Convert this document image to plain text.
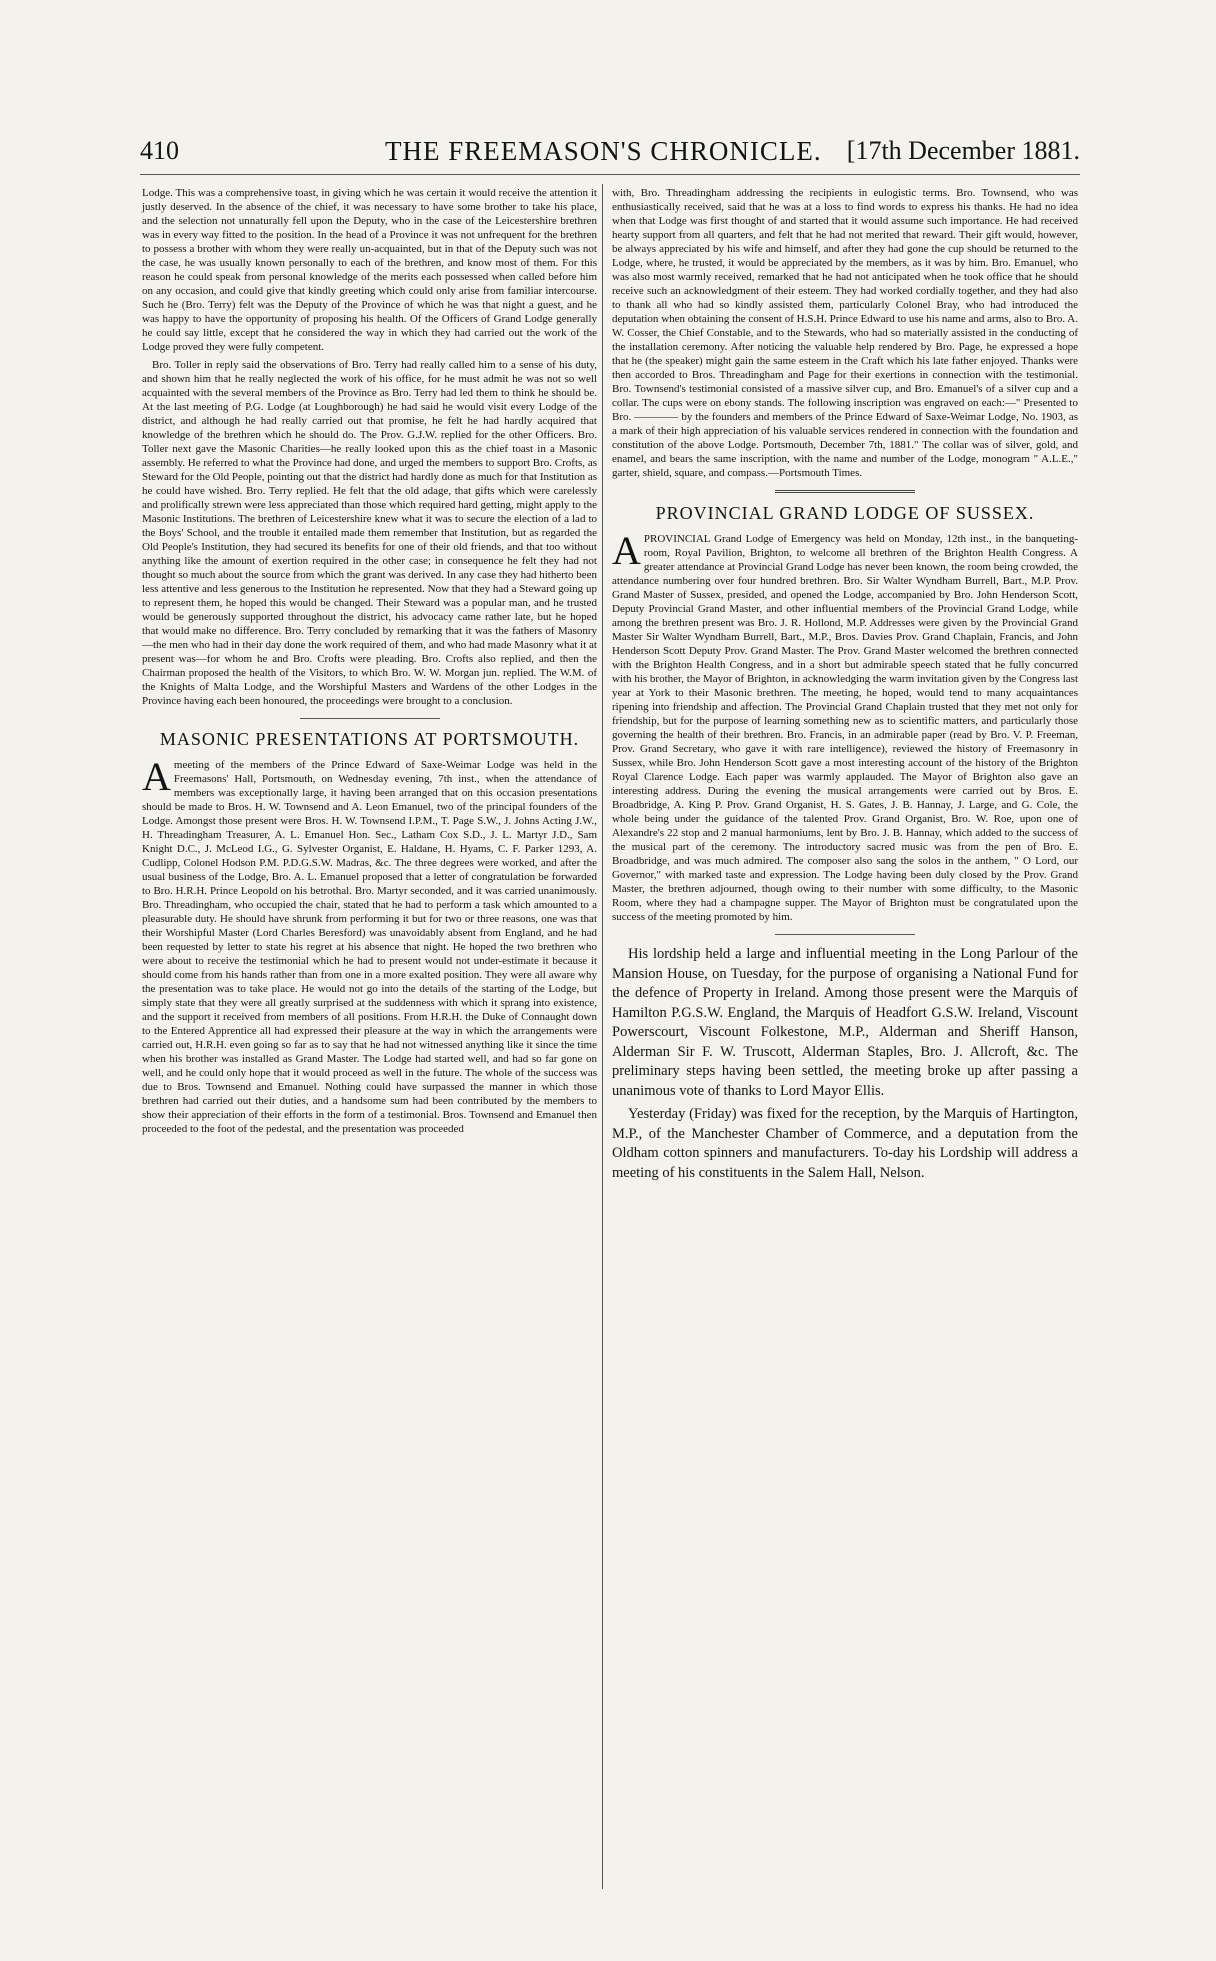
410	THE FREEMASON'S CHRONICLE. [17th December 1881.

Lodge. This was a comprehensive toast, in giving which he was certain it would receive the attention it justly deserved. In the absence of the chief, it was necessary to have some brother to take his place, and the selection not unnaturally fell upon the Deputy, who in the case of the Leicestershire brethren was in every way fitted to the position. In the head of a Province it was not unfrequent for the brethren to possess a brother with whom they were really un-acquainted, but in that of the Deputy such was not the case, he was usually known personally to each of the brethren, and know most of them. For this reason he could speak from personal knowledge of the merits each possessed when called before him on any occasion, and could give that kindly greeting which could only arise from familiar intercourse. Such he (Bro. Terry) felt was the Deputy of the Province of which he was that night a guest, and he was happy to have the opportunity of proposing his health. Of the Officers of Grand Lodge generally he could say little, except that he considered the way in which they had carried out the work of the Lodge proved they were fully competent.

Bro. Toller in reply said the observations of Bro. Terry had really called him to a sense of his duty, and shown him that he really neglected the work of his office, for he must admit he was not so well acquainted with the several members of the Province as Bro. Terry had led them to think he should be. At the last meeting of P.G. Lodge (at Loughborough) he had said he would visit every Lodge of the district, and although he had really carried out that promise, he felt he had hardly acquired that knowledge of the brethren which he should do. The Prov. G.J.W. replied for the other Officers. Bro. Toller next gave the Masonic Charities—he really looked upon this as the chief toast in a Masonic assembly. He referred to what the Province had done, and urged the members to support Bro. Crofts, as Steward for the Old People, pointing out that the district had hardly done as much for that Institution as he could have wished. Bro. Terry replied. He felt that the old adage, that gifts which were carelessly and prolifically strewn were less appreciated than those which required hard getting, might apply to the Masonic Institutions. The brethren of Leicestershire knew what it was to secure the election of a lad to the Boys' School, and the trouble it entailed made them remember that Institution, but as regarded the Old People's Institution, they had secured its benefits for one of their old friends, and that too without anything like the amount of exertion required in the other case; in consequence he felt they had not thought so much about the source from which the grant was derived. In any case they had hitherto been less attentive and less generous to the Institution he represented. Now that they had a Steward going up to represent them, he hoped this would be changed. Their Steward was a popular man, and he trusted would be generously supported throughout the district, his advocacy came rather late, but he hoped that would make no difference. Bro. Terry concluded by remarking that it was the fathers of Masonry—the men who had in their day done the work required of them, and who had made Masonry what it at present was—for whom he and Bro. Crofts were pleading. Bro. Crofts also replied, and then the Chairman proposed the health of the Visitors, to which Bro. W. W. Morgan jun. replied. The W.M. of the Knights of Malta Lodge, and the Worshipful Masters and Wardens of the other Lodges in the Province having each been honoured, the proceedings were brought to a conclusion.

MASONIC PRESENTATIONS AT PORTSMOUTH.

Ameeting of the members of the Prince Edward of Saxe-Weimar Lodge was held in the Freemasons' Hall, Portsmouth, on Wednesday evening, 7th inst., when the attendance of members was exceptionally large, it having been arranged that on this occasion presentations should be made to Bros. H. W. Townsend and A. Leon Emanuel, two of the principal founders of the Lodge. Amongst those present were Bros. H. W. Townsend I.P.M., T. Page S.W., J. Johns Acting J.W., H. Threadingham Treasurer, A. L. Emanuel Hon. Sec., Latham Cox S.D., J. L. Martyr J.D., Sam Knight D.C., J. McLeod I.G., G. Sylvester Organist, E. Haldane, H. Hyams, C. F. Parker 1293, A. Cudlipp, Colonel Hodson P.M. P.D.G.S.W. Madras, &c. The three degrees were worked, and after the usual business of the Lodge, Bro. A. L. Emanuel proposed that a letter of congratulation be forwarded to Bro. H.R.H. Prince Leopold on his betrothal. Bro. Martyr seconded, and it was carried unanimously. Bro. Threadingham, who occupied the chair, stated that he had to perform a task which amounted to a pleasurable duty. He should have shrunk from performing it but for two or three reasons, one was that their Worshipful Master (Lord Charles Beresford) was unavoidably absent from England, and he had been requested by letter to state his regret at his absence that night. He hoped the two brethren who were about to receive the testimonial which he had to present would not under-estimate it because it should come from his hands rather than from one in a more exalted position. They were all aware why the presentation was to take place. He would not go into the details of the starting of the Lodge, but simply state that they were all greatly surprised at the suddenness with which it sprang into existence, and the support it received from members of all positions. From H.R.H. the Duke of Connaught down to the Entered Apprentice all had expressed their pleasure at the way in which the arrangements were carried out, H.R.H. even going so far as to say that he had not witnessed anything like it since the time when his brother was installed as Grand Master. The Lodge had started well, and had so far gone on well, and he could only hope that it would proceed as well in the future. The whole of the success was due to Bros. Townsend and Emanuel. Nothing could have surpassed the manner in which those brethren had carried out their duties, and a handsome sum had been contributed by the members to show their appreciation of their efforts in the form of a testimonial. Bros. Townsend and Emanuel then proceeded to the foot of the pedestal, and the presentation was proceeded

with, Bro. Threadingham addressing the recipients in eulogistic terms. Bro. Townsend, who was enthusiastically received, said that he was at a loss to find words to express his thanks. He had no idea when that Lodge was first thought of and started that it would assume such importance. He had received hearty support from all quarters, and felt that he had not merited that reward. Their gift would, however, be always appreciated by his wife and himself, and after they had gone the cup should be returned to the Lodge, where, he trusted, it would be appreciated by the members, as it was by him. Bro. Emanuel, who was also most warmly received, remarked that he had not anticipated when he took office that he should receive such an acknowledgment of their esteem. They had worked cordially together, and they had also to thank all who had so kindly assisted them, particularly Colonel Bray, who had introduced the deputation when obtaining the consent of H.S.H. Prince Edward to use his name and arms, also to Bro. A. W. Cosser, the Chief Constable, and to the Stewards, who had so materially assisted in the conducting of the installation ceremony. After noticing the valuable help rendered by Bro. Page, he expressed a hope that he (the speaker) might gain the same esteem in the Craft which his late father enjoyed. Thanks were then accorded to Bros. Threadingham and Page for their exertions in connection with the testimonial. Bro. Townsend's testimonial consisted of a massive silver cup, and Bro. Emanuel's of a silver cup and a collar. The cups were on ebony stands. The following inscription was engraved on each:—" Presented to Bro. ———— by the founders and members of the Prince Edward of Saxe-Weimar Lodge, No. 1903, as a mark of their high appreciation of his valuable services rendered in connection with the foundation and constitution of the above Lodge. Portsmouth, December 7th, 1881." The collar was of silver, gold, and enamel, and bears the same inscription, with the name and number of the Lodge, monogram " A.L.E.," garter, shield, square, and compass.—Portsmouth Times.

PROVINCIAL GRAND LODGE OF SUSSEX.

APROVINCIAL Grand Lodge of Emergency was held on Monday, 12th inst., in the banqueting-room, Royal Pavilion, Brighton, to welcome all brethren of the Brighton Health Congress. A greater attendance at Provincial Grand Lodge has never been known, the room being crowded, the attendance numbering over four hundred brethren. Bro. Sir Walter Wyndham Burrell, Bart., M.P. Prov. Grand Master of Sussex, presided, and opened the Lodge, accompanied by Bro. John Henderson Scott, Deputy Provincial Grand Master, and other influential members of the Provincial Grand Lodge, while among the brethren present was Bro. J. R. Hollond, M.P. Addresses were given by the Provincial Grand Master Sir Walter Wyndham Burrell, Bart., M.P., Bros. Davies Prov. Grand Chaplain, Francis, and John Henderson Scott Deputy Prov. Grand Master. The Prov. Grand Master welcomed the brethren connected with the Brighton Health Congress, and in a short but admirable speech stated that he fully concurred with his brother, the Mayor of Brighton, in acknowledging the warm invitation given by the Congress last year at York to their Masonic brethren. The meeting, he hoped, would tend to many acquaintances ripening into friendship and affection. The Provincial Grand Chaplain trusted that they met not only for friendship, but for the purpose of learning something new as to scientific matters, and particularly those governing the health of their brethren. Bro. Francis, in an admirable paper (read by Bro. V. P. Freeman, Prov. Grand Secretary, who gave it with rare intelligence), reviewed the history of Freemasonry in Sussex, while Bro. John Henderson Scott gave a most interesting account of the history of the Brighton Royal Clarence Lodge. Each paper was warmly applauded. The Mayor of Brighton also gave an interesting address. During the evening the musical arrangements were carried out by Bros. E. Broadbridge, A. King P. Prov. Grand Organist, H. S. Gates, J. B. Hannay, J. Large, and G. Cole, the whole being under the guidance of the talented Prov. Grand Organist, Bro. W. Roe, upon one of Alexandre's 22 stop and 2 manual harmoniums, lent by Bro. J. B. Hannay, which added to the success of the musical part of the ceremony. The introductory sacred music was from the pen of Bro. E. Broadbridge, and was much admired. The composer also sang the solos in the anthem, " O Lord, our Governor," with marked taste and expression. The Lodge having been duly closed by the Prov. Grand Master, the brethren adjourned, though owing to their number with some difficulty, to the Masonic Room, where they had a champagne supper. The Mayor of Brighton must be congratulated upon the success of the meeting promoted by him.

His lordship held a large and influential meeting in the Long Parlour of the Mansion House, on Tuesday, for the purpose of organising a National Fund for the defence of Property in Ireland. Among those present were the Marquis of Hamilton P.G.S.W. England, the Marquis of Headfort G.S.W. Ireland, Viscount Powerscourt, Viscount Folkestone, M.P., Alderman and Sheriff Hanson, Alderman Sir F. W. Truscott, Alderman Staples, Bro. J. Allcroft, &c. The preliminary steps having been settled, the meeting broke up after passing a unanimous vote of thanks to Lord Mayor Ellis.

Yesterday (Friday) was fixed for the reception, by the Marquis of Hartington, M.P., of the Manchester Chamber of Commerce, and a deputation from the Oldham cotton spinners and manufacturers. To-day his Lordship will address a meeting of his constituents in the Salem Hall, Nelson.
